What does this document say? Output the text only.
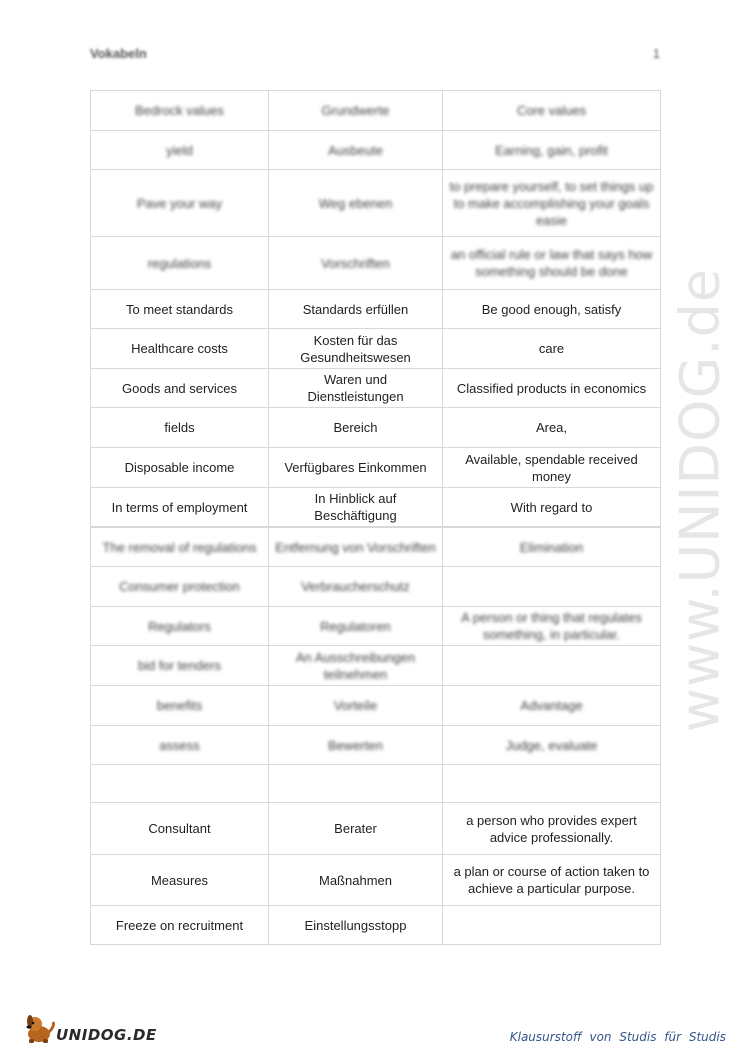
Vokabeln	1
www.UNIDOG.de
Bedrock values	Grundwerte	Core values
yield	Ausbeute	Earning, gain, profit
Pave your way	Weg ebenen	to prepare yourself, to set things up to make accomplishing your goals easie
regulations	Vorschriften	an official rule or law that says how something should be done
To meet standards	Standards erfüllen	Be good enough, satisfy
Healthcare costs	Kosten für das Gesundheitswesen	care
Goods and services	Waren und Dienstleistungen	Classified products in economics
fields	Bereich	Area,
Disposable income	Verfügbares Einkommen	Available, spendable received money
In terms of employment	In Hinblick auf Beschäftigung	With regard to
The removal of regulations	Entfernung von Vorschriften	Elimination
Consumer protection	Verbraucherschutz	
Regulators	Regulatoren	A person or thing that regulates something, in particular.
bid for tenders	An Ausschreibungen teilnehmen	
benefits	Vorteile	Advantage
assess	Bewerten	Judge, evaluate

Consultant	Berater	a person who provides expert advice professionally.
Measures	Maßnahmen	a plan or course of action taken to achieve a particular purpose.
Freeze on recruitment	Einstellungsstopp	
UNIDOG.DE	Klausurstoff von Studis für Studis
